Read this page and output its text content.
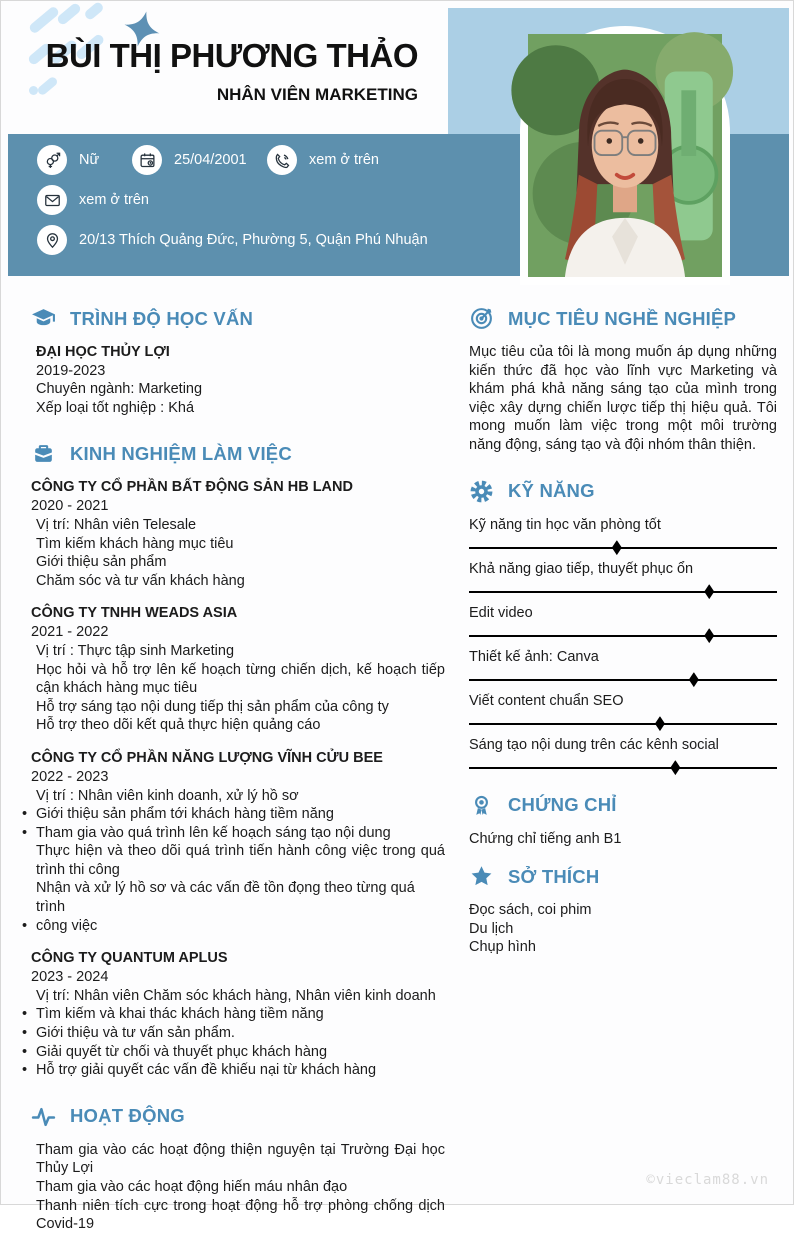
BÙI THỊ PHƯƠNG THẢO
NHÂN VIÊN MARKETING
Nữ	25/04/2001	xem ở trên
xem ở trên
20/13 Thích Quảng Đức, Phường 5, Quận Phú Nhuận
TRÌNH ĐỘ HỌC VẤN
ĐẠI HỌC THỦY LỢI
2019-2023
Chuyên ngành: Marketing
Xếp loại tốt nghiệp : Khá
KINH NGHIỆM LÀM VIỆC
CÔNG TY CỔ PHẦN BẤT ĐỘNG SẢN HB LAND
2020 - 2021
Vị trí: Nhân viên Telesale
Tìm kiếm khách hàng mục tiêu
Giới thiệu sản phẩm
Chăm sóc và tư vấn khách hàng
CÔNG TY TNHH WEADS ASIA
2021 - 2022
Vị trí : Thực tập sinh Marketing
Học hỏi và hỗ trợ lên kế hoạch từng chiến dịch, kế hoạch tiếp cận khách hàng mục tiêu
Hỗ trợ sáng tạo nội dung tiếp thị sản phẩm của công ty
Hỗ trợ theo dõi kết quả thực hiện quảng cáo
CÔNG TY CỔ PHẦN NĂNG LƯỢNG VĨNH CỬU BEE
2022 - 2023
Vị trí : Nhân viên kinh doanh, xử lý hồ sơ
• Giới thiệu sản phẩm tới khách hàng tiềm năng
• Tham gia vào quá trình lên kế hoạch sáng tạo nội dung
Thực hiện và theo dõi quá trình tiến hành công việc trong quá trình thi công
Nhận và xử lý hồ sơ và các vấn đề tồn đọng theo từng quá trình
• công việc
CÔNG TY QUANTUM APLUS
2023 - 2024
Vị trí: Nhân viên Chăm sóc khách hàng, Nhân viên kinh doanh
• Tìm kiếm và khai thác khách hàng tiềm năng
• Giới thiệu và tư vấn sản phẩm.
• Giải quyết từ chối và thuyết phục khách hàng
• Hỗ trợ giải quyết các vấn đề khiếu nại từ khách hàng
HOẠT ĐỘNG
Tham gia vào các hoạt động thiện nguyện tại Trường Đại học Thủy Lợi
Tham gia vào các hoạt động hiến máu nhân đạo
Thanh niên tích cực trong hoạt động hỗ trợ phòng chống dịch Covid-19
MỤC TIÊU NGHỀ NGHIỆP
Mục tiêu của tôi là mong muốn áp dụng những kiến thức đã học vào lĩnh vực Marketing và khám phá khả năng sáng tạo của mình trong việc xây dựng chiến lược tiếp thị hiệu quả. Tôi mong muốn làm việc trong một môi trường năng động, sáng tạo và đội nhóm thân thiện.
KỸ NĂNG
Kỹ năng tin học văn phòng tốt
Khả năng giao tiếp, thuyết phục ổn
Edit video
Thiết kế ảnh: Canva
Viết content chuẩn SEO
Sáng tạo nội dung trên các kênh social
CHỨNG CHỈ
Chứng chỉ tiếng anh B1
SỞ THÍCH
Đọc sách, coi phim
Du lịch
Chụp hình
©vieclam88.vn
